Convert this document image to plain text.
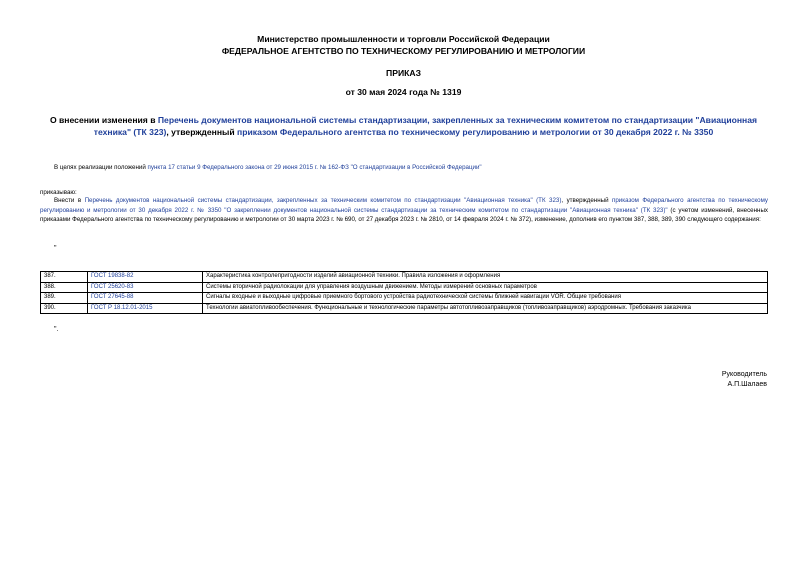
Министерство промышленности и торговли Российской Федерации
ФЕДЕРАЛЬНОЕ АГЕНТСТВО ПО ТЕХНИЧЕСКОМУ РЕГУЛИРОВАНИЮ И МЕТРОЛОГИИ
ПРИКАЗ
от 30 мая 2024 года № 1319
О внесении изменения в Перечень документов национальной системы стандартизации, закрепленных за техническим комитетом по стандартизации "Авиационная техника" (ТК 323), утвержденный приказом Федерального агентства по техническому регулированию и метрологии от 30 декабря 2022 г. № 3350
В целях реализации положений пункта 17 статьи 9 Федерального закона от 29 июня 2015 г. № 162-ФЗ "О стандартизации в Российской Федерации"
приказываю:
Внести в Перечень документов национальной системы стандартизации, закрепленных за техническим комитетом по стандартизации "Авиационная техника" (ТК 323), утвержденный приказом Федерального агентства по техническому регулированию и метрологии от 30 декабря 2022 г. № 3350 "О закреплении документов национальной системы стандартизации за техническим комитетом по стандартизации "Авиационная техника" (ТК 323)" (с учетом изменений, внесенных приказами Федерального агентства по техническому регулированию и метрологии от 30 марта 2023 г. № 690, от 27 декабря 2023 г. № 2810, от 14 февраля 2024 г. № 372), изменение, дополнив его пунктом 387, 388, 389, 390 следующего содержания:
"
387.	ГОСТ 19838-82	Характеристика контролепригодности изделий авиационной техники. Правила изложения и оформления
388.	ГОСТ 25620-83	Системы вторичной радиолокации для управления воздушным движением. Методы измерений основных параметров
389.	ГОСТ 27645-88	Сигналы входные и выходные цифровые приемного бортового устройства радиотехнической системы ближней навигации VOR. Общие требования
390.	ГОСТ Р 18.12.01-2015	Технологии авиатопливообеспечения. Функциональные и технологические параметры автотопливозаправщиков (топливозаправщиков) аэродромных. Требования заказчика
".
Руководитель
А.П.Шалаев
